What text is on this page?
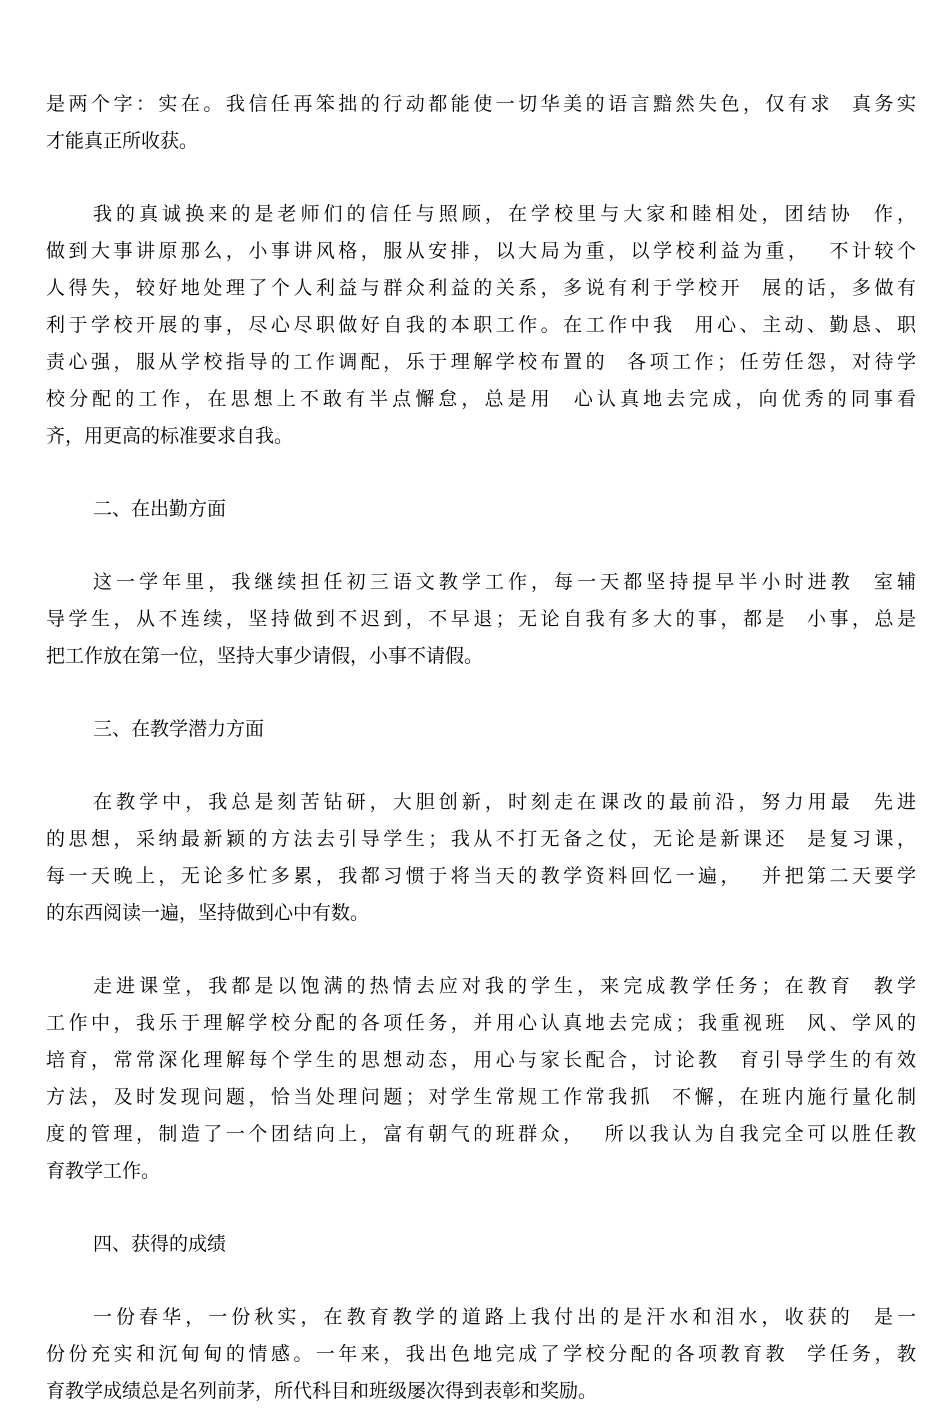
是两个字：实在。我信任再笨拙的行动都能使一切华美的语言黯然失色，仅有求  真务实
才能真正所收获。
我的真诚换来的是老师们的信任与照顾，在学校里与大家和睦相处，团结协  作，
做到大事讲原那么，小事讲风格，服从安排，以大局为重，以学校利益为重，  不计较个
人得失，较好地处理了个人利益与群众利益的关系，多说有利于学校开  展的话，多做有
利于学校开展的事，尽心尽职做好自我的本职工作。在工作中我  用心、主动、勤恳、职
责心强，服从学校指导的工作调配，乐于理解学校布置的  各项工作；任劳任怨，对待学
校分配的工作，在思想上不敢有半点懈怠，总是用  心认真地去完成，向优秀的同事看
齐，用更高的标准要求自我。
二、在出勤方面
这一学年里，我继续担任初三语文教学工作，每一天都坚持提早半小时进教  室辅
导学生，从不连续，坚持做到不迟到，不早退；无论自我有多大的事，都是  小事，总是
把工作放在第一位，坚持大事少请假，小事不请假。
三、在教学潜力方面
在教学中，我总是刻苦钻研，大胆创新，时刻走在课改的最前沿，努力用最  先进
的思想，采纳最新颖的方法去引导学生；我从不打无备之仗，无论是新课还  是复习课，
每一天晚上，无论多忙多累，我都习惯于将当天的教学资料回忆一遍，  并把第二天要学
的东西阅读一遍，坚持做到心中有数。
走进课堂，我都是以饱满的热情去应对我的学生，来完成教学任务；在教育  教学
工作中，我乐于理解学校分配的各项任务，并用心认真地去完成；我重视班  风、学风的
培育，常常深化理解每个学生的思想动态，用心与家长配合，讨论教  育引导学生的有效
方法，及时发现问题，恰当处理问题；对学生常规工作常我抓  不懈，在班内施行量化制
度的管理，制造了一个团结向上，富有朝气的班群众，  所以我认为自我完全可以胜任教
育教学工作。
四、获得的成绩
一份春华，一份秋实，在教育教学的道路上我付出的是汗水和泪水，收获的  是一
份份充实和沉甸甸的情感。一年来，我出色地完成了学校分配的各项教育教  学任务，教
育教学成绩总是名列前茅，所代科目和班级屡次得到表彰和奖励。
